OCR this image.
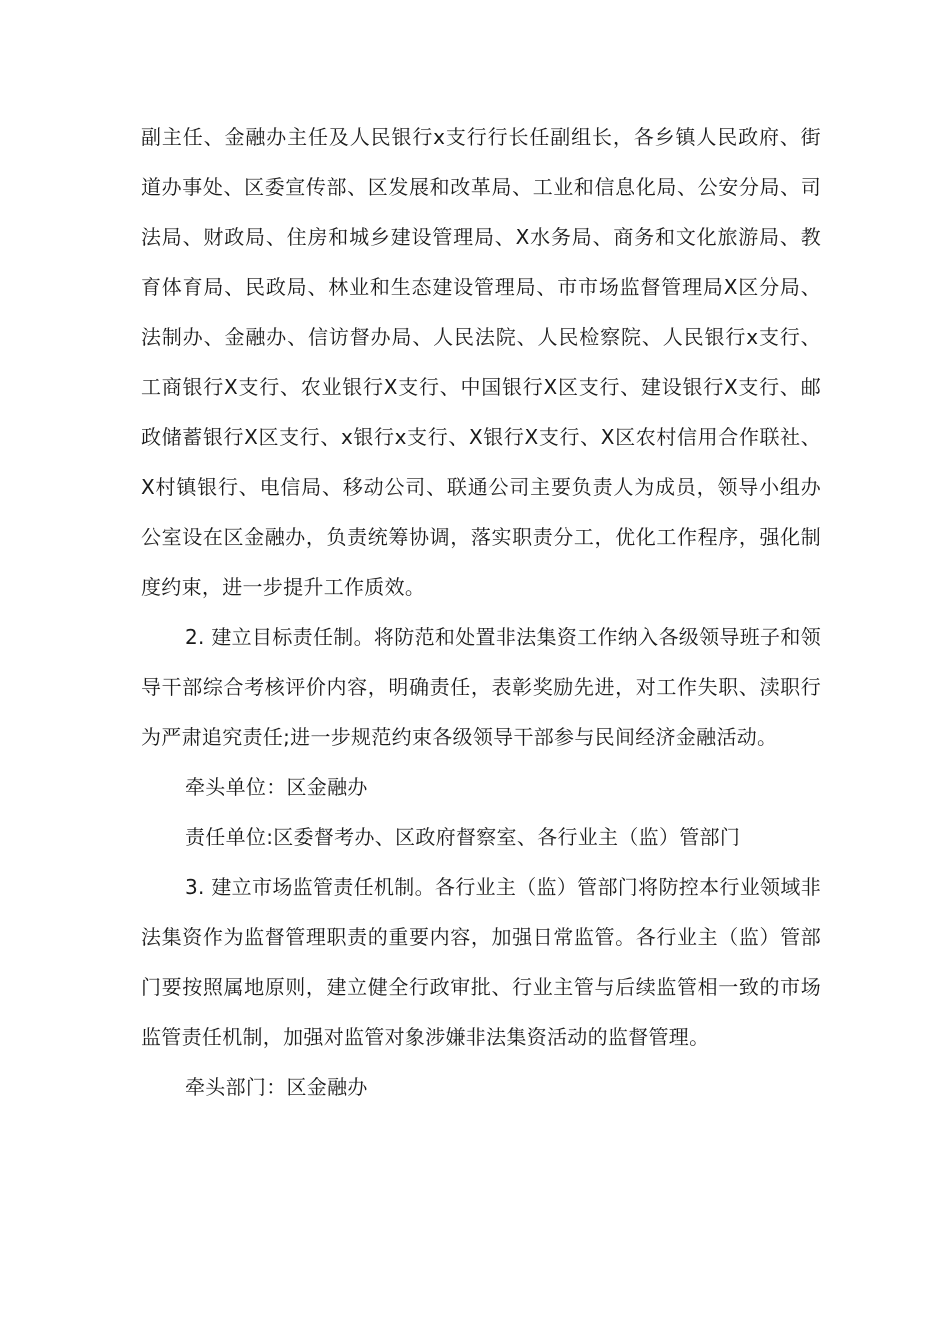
副主任、金融办主任及人民银行x支行行长任副组长，各乡镇人民政府、街道办事处、区委宣传部、区发展和改革局、工业和信息化局、公安分局、司法局、财政局、住房和城乡建设管理局、X水务局、商务和文化旅游局、教育体育局、民政局、林业和生态建设管理局、市市场监督管理局X区分局、法制办、金融办、信访督办局、人民法院、人民检察院、人民银行x支行、工商银行X支行、农业银行X支行、中国银行X区支行、建设银行X支行、邮政储蓄银行X区支行、x银行x支行、X银行X支行、X区农村信用合作联社、X村镇银行、电信局、移动公司、联通公司主要负责人为成员，领导小组办公室设在区金融办，负责统筹协调，落实职责分工，优化工作程序，强化制度约束，进一步提升工作质效。

2. 建立目标责任制。将防范和处置非法集资工作纳入各级领导班子和领导干部综合考核评价内容，明确责任，表彰奖励先进，对工作失职、渎职行为严肃追究责任;进一步规范约束各级领导干部参与民间经济金融活动。

牵头单位：区金融办

责任单位:区委督考办、区政府督察室、各行业主（监）管部门

3. 建立市场监管责任机制。各行业主（监）管部门将防控本行业领域非法集资作为监督管理职责的重要内容，加强日常监管。各行业主（监）管部门要按照属地原则，建立健全行政审批、行业主管与后续监管相一致的市场监管责任机制，加强对监管对象涉嫌非法集资活动的监督管理。

牵头部门：区金融办
